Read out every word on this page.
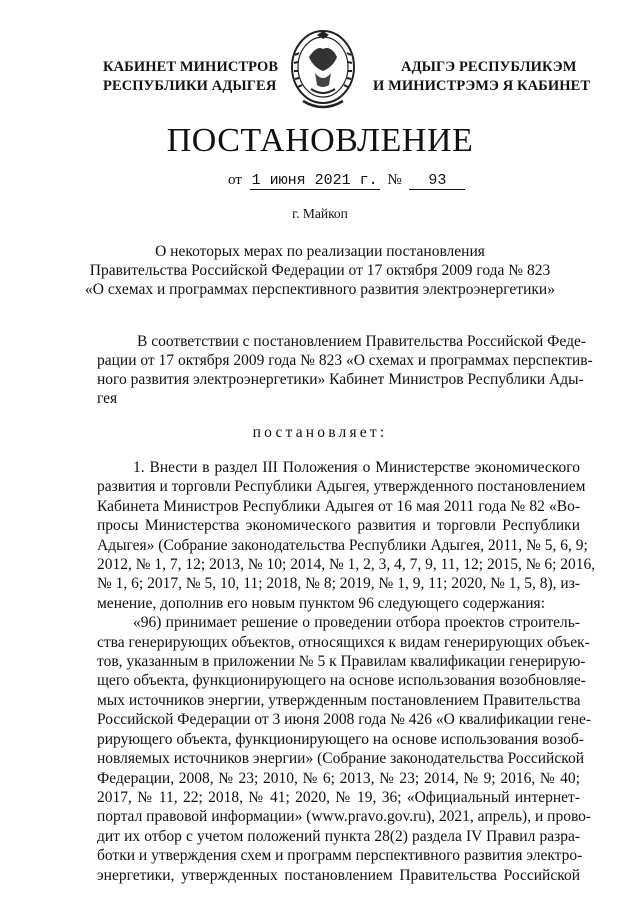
КАБИНЕТ МИНИСТРОВ
РЕСПУБЛИКИ АДЫГЕЯ
АДЫГЭ РЕСПУБЛИКЭМ
И МИНИСТРЭМЭ Я КАБИНЕТ
ПОСТАНОВЛЕНИЕ
от 1 июня 2021 г. № 93
г. Майкоп
О некоторых мерах по реализации постановления
Правительства Российской Федерации от 17 октября 2009 года № 823
«О схемах и программах перспективного развития электроэнергетики»
В соответствии с постановлением Правительства Российской Феде-
рации от 17 октября 2009 года № 823 «О схемах и программах перспектив-
ного развития электроэнергетики» Кабинет Министров Республики Ады-
гея
постановляет:
1. Внести в раздел III Положения о Министерстве экономического
развития и торговли Республики Адыгея, утвержденного постановлением
Кабинета Министров Республики Адыгея от 16 мая 2011 года № 82 «Во-
просы Министерства экономического развития и торговли Республики
Адыгея» (Собрание законодательства Республики Адыгея, 2011, № 5, 6, 9;
2012, № 1, 7, 12; 2013, № 10; 2014, № 1, 2, 3, 4, 7, 9, 11, 12; 2015, № 6; 2016,
№ 1, 6; 2017, № 5, 10, 11; 2018, № 8; 2019, № 1, 9, 11; 2020, № 1, 5, 8), из-
менение, дополнив его новым пунктом 96 следующего содержания:
«96) принимает решение о проведении отбора проектов строитель-
ства генерирующих объектов, относящихся к видам генерирующих объек-
тов, указанным в приложении № 5 к Правилам квалификации генерирую-
щего объекта, функционирующего на основе использования возобновляе-
мых источников энергии, утвержденным постановлением Правительства
Российской Федерации от 3 июня 2008 года № 426 «О квалификации гене-
рирующего объекта, функционирующего на основе использования возоб-
новляемых источников энергии» (Собрание законодательства Российской
Федерации, 2008, № 23; 2010, № 6; 2013, № 23; 2014, № 9; 2016, № 40;
2017, № 11, 22; 2018, № 41; 2020, № 19, 36; «Официальный интернет-
портал правовой информации» (www.pravo.gov.ru), 2021, апрель), и прово-
дит их отбор с учетом положений пункта 28(2) раздела IV Правил разра-
ботки и утверждения схем и программ перспективного развития электро-
энергетики, утвержденных постановлением Правительства Российской
